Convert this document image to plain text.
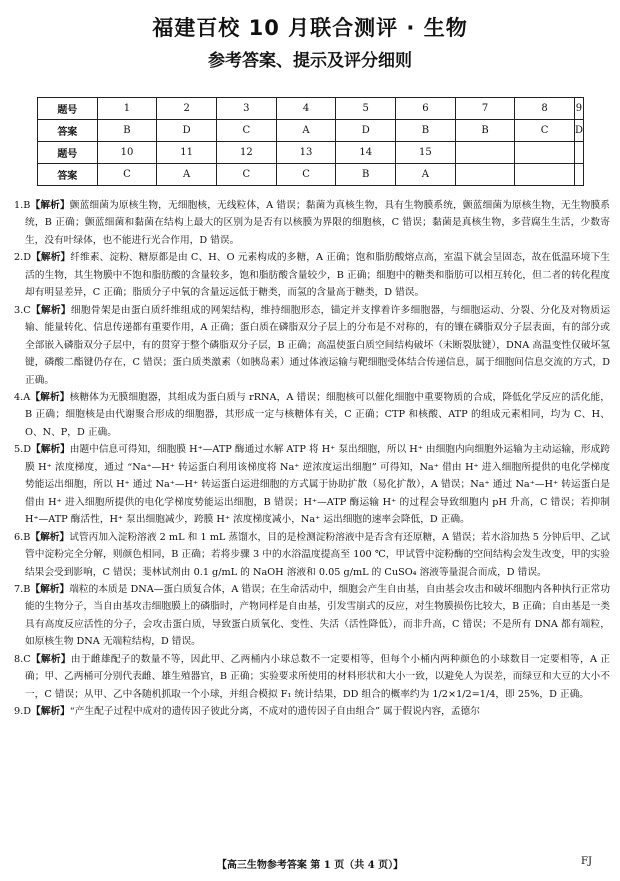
福建百校 10 月联合测评 · 生物
参考答案、提示及评分细则
题号	1	2	3	4	5	6	7	8	9
答案	B	D	C	A	D	B	B	C	D
题号	10	11	12	13	14	15			
答案	C	A	C	C	B	A			

1.B【解析】颤蓝细菌为原核生物，无细胞核，无线粒体，A 错误；黏菌为真核生物，具有生物膜系统，颤蓝细菌为原核生物，无生物膜系统，B 正确；颤蓝细菌和黏菌在结构上最大的区别为是否有以核膜为界限的细胞核，C 错误；黏菌是真核生物，多营腐生生活，少数寄生，没有叶绿体，也不能进行光合作用，D 错误。

2.D【解析】纤维素、淀粉、糖原都是由 C、H、O 元素构成的多糖，A 正确；饱和脂肪酸熔点高，室温下就会呈固态，故在低温环境下生活的生物，其生物膜中不饱和脂肪酸的含量较多，饱和脂肪酸含量较少，B 正确；细胞中的糖类和脂肪可以相互转化，但二者的转化程度却有明显差异，C 正确；脂质分子中氧的含量远远低于糖类，而氢的含量高于糖类，D 错误。

3.C【解析】细胞骨架是由蛋白质纤维组成的网架结构，维持细胞形态，锚定并支撑着许多细胞器，与细胞运动、分裂、分化及对物质运输、能量转化、信息传递都有重要作用，A 正确；蛋白质在磷脂双分子层上的分布是不对称的，有的镶在磷脂双分子层表面，有的部分或全部嵌入磷脂双分子层中，有的贯穿于整个磷脂双分子层，B 正确；高温使蛋白质空间结构破坏（未断裂肽键），DNA 高温变性仅破坏氢键，磷酸二酯键仍存在，C 错误；蛋白质类激素（如胰岛素）通过体液运输与靶细胞受体结合传递信息，属于细胞间信息交流的方式，D 正确。

4.A【解析】核糖体为无膜细胞器，其组成为蛋白质与 rRNA，A 错误；细胞核可以催化细胞中重要物质的合成，降低化学反应的活化能，B 正确；细胞核是由代谢聚合形成的细胞器，其形成一定与核糖体有关，C 正确；CTP 和核酸、ATP 的组成元素相同，均为 C、H、O、N、P，D 正确。

5.D【解析】由题中信息可得知，细胞膜 H⁺—ATP 酶通过水解 ATP 将 H⁺ 泵出细胞，所以 H⁺ 由细胞内向细胞外运输为主动运输，形成跨膜 H⁺ 浓度梯度，通过 “Na⁺—H⁺ 转运蛋白利用该梯度将 Na⁺ 逆浓度运出细胞” 可得知，Na⁺ 借由 H⁺ 进入细胞所提供的电化学梯度势能运出细胞，所以 H⁺ 通过 Na⁺—H⁺ 转运蛋白运进细胞的方式属于协助扩散（易化扩散），A 错误；Na⁺ 通过 Na⁺—H⁺ 转运蛋白是借由 H⁺ 进入细胞所提供的电化学梯度势能运出细胞，B 错误；H⁺—ATP 酶运输 H⁺ 的过程会导致细胞内 pH 升高，C 错误；若抑制 H⁺—ATP 酶活性，H⁺ 泵出细胞减少，跨膜 H⁺ 浓度梯度减小，Na⁺ 运出细胞的速率会降低，D 正确。

6.B【解析】试管丙加入淀粉溶液 2 mL 和 1 mL 蒸馏水，目的是检测淀粉溶液中是否含有还原糖，A 错误；若水浴加热 5 分钟后甲、乙试管中淀粉完全分解，则颜色相同，B 正确；若将步骤 3 中的水浴温度提高至 100 ℃，甲试管中淀粉酶的空间结构会发生改变，甲的实验结果会受到影响，C 错误；斐林试剂由 0.1 g/mL 的 NaOH 溶液和 0.05 g/mL 的 CuSO₄ 溶液等量混合而成，D 错误。

7.B【解析】端粒的本质是 DNA—蛋白质复合体，A 错误；在生命活动中，细胞会产生自由基，自由基会攻击和破坏细胞内各种执行正常功能的生物分子，当自由基攻击细胞膜上的磷脂时，产物同样是自由基，引发雪崩式的反应，对生物膜损伤比较大，B 正确；自由基是一类具有高度反应活性的分子，会攻击蛋白质，导致蛋白质氧化、变性、失活（活性降低），而非升高，C 错误；不是所有 DNA 都有端粒，如原核生物 DNA 无端粒结构，D 错误。

8.C【解析】由于雌雄配子的数量不等，因此甲、乙两桶内小球总数不一定要相等，但每个小桶内两种颜色的小球数目一定要相等，A 正确；甲、乙两桶可分别代表雌、雄生殖器官，B 正确；实验要求所使用的材料形状和大小一致，以避免人为误差，而绿豆和大豆的大小不一，C 错误；从甲、乙中各随机抓取一个小球，并组合模拟 F₁ 统计结果，DD 组合的概率约为 1/2×1/2=1/4，即 25%，D 正确。

9.D【解析】“产生配子过程中成对的遗传因子彼此分离，不成对的遗传因子自由组合” 属于假说内容，孟德尔

【高三生物参考答案 第 1 页（共 4 页）】	FJ
